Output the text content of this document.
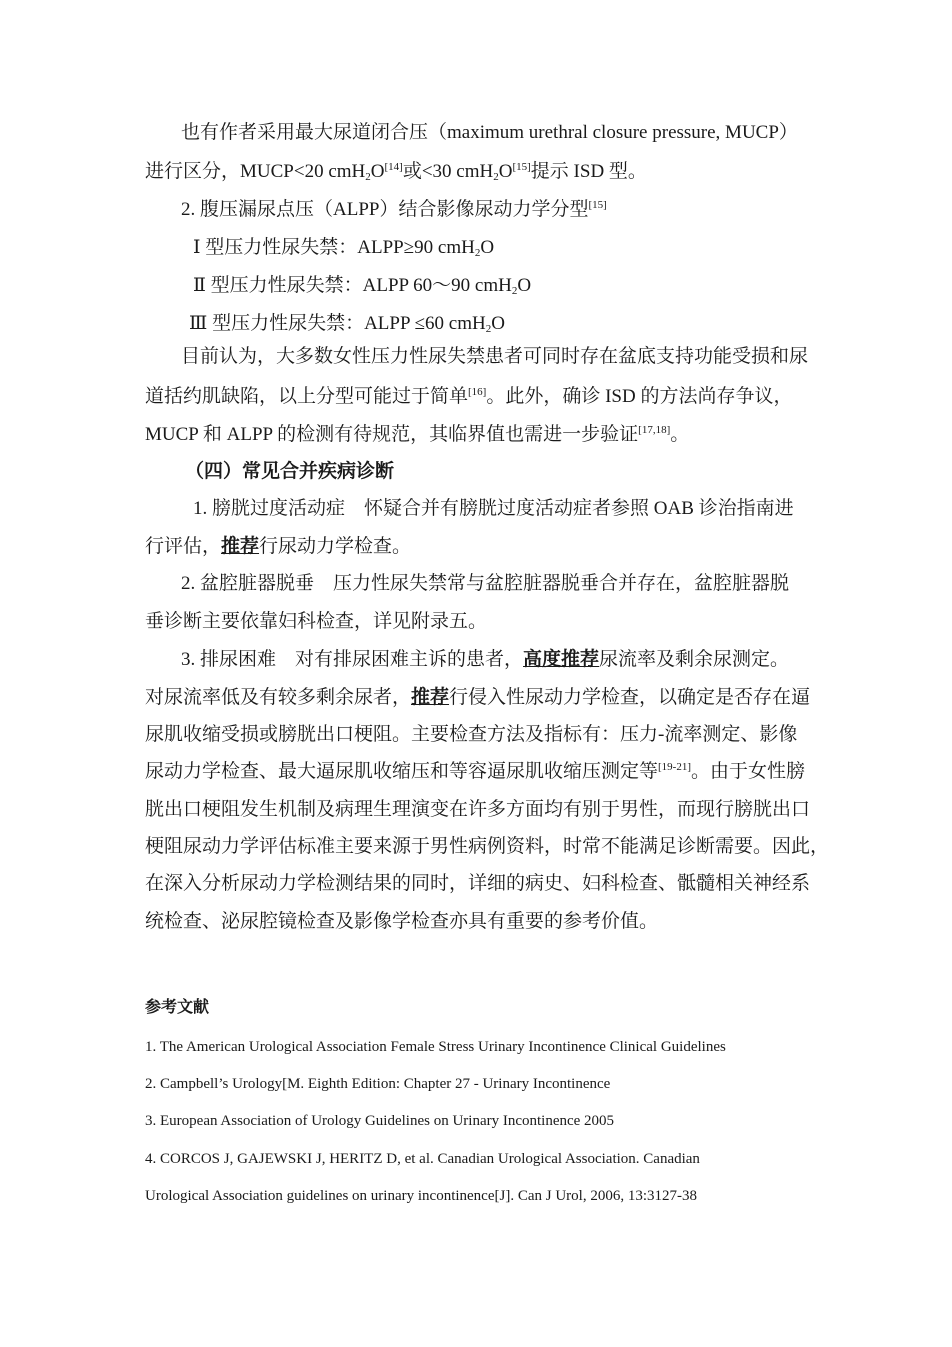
也有作者采用最大尿道闭合压（maximum urethral closure pressure, MUCP）
进行区分，MUCP<20 cmH$_2$O[14]或<30 cmH$_2$O[15]提示 ISD 型。
2. 腹压漏尿点压（ALPP）结合影像尿动力学分型[15]
Ⅰ 型压力性尿失禁：ALPP≥90 cmH$_2$O
Ⅱ 型压力性尿失禁：ALPP 60～90 cmH$_2$O
Ⅲ 型压力性尿失禁：ALPP ≤60 cmH$_2$O
目前认为，大多数女性压力性尿失禁患者可同时存在盆底支持功能受损和尿
道括约肌缺陷，以上分型可能过于简单[16]。此外，确诊 ISD 的方法尚存争议，
MUCP 和 ALPP 的检测有待规范，其临界值也需进一步验证[17,18]。
（四）常见合并疾病诊断
1. 膀胱过度活动症　怀疑合并有膀胱过度活动症者参照 OAB 诊治指南进
行评估，推荐行尿动力学检查。
2. 盆腔脏器脱垂　压力性尿失禁常与盆腔脏器脱垂合并存在，盆腔脏器脱
垂诊断主要依靠妇科检查，详见附录五。
3. 排尿困难　对有排尿困难主诉的患者，高度推荐尿流率及剩余尿测定。
对尿流率低及有较多剩余尿者，推荐行侵入性尿动力学检查，以确定是否存在逼
尿肌收缩受损或膀胱出口梗阻。主要检查方法及指标有：压力-流率测定、影像
尿动力学检查、最大逼尿肌收缩压和等容逼尿肌收缩压测定等[19-21]。由于女性膀
胱出口梗阻发生机制及病理生理演变在许多方面均有别于男性，而现行膀胱出口
梗阻尿动力学评估标准主要来源于男性病例资料，时常不能满足诊断需要。因此，
在深入分析尿动力学检测结果的同时，详细的病史、妇科检查、骶髓相关神经系
统检查、泌尿腔镜检查及影像学检查亦具有重要的参考价值。
参考文献
1. The American Urological Association Female Stress Urinary Incontinence Clinical Guidelines
2. Campbell’s Urology[M. Eighth Edition: Chapter 27 - Urinary Incontinence
3. European Association of Urology Guidelines on Urinary Incontinence 2005
4. CORCOS J, GAJEWSKI J, HERITZ D, et al. Canadian Urological Association. Canadian
Urological Association guidelines on urinary incontinence[J]. Can J Urol, 2006, 13:3127-38
